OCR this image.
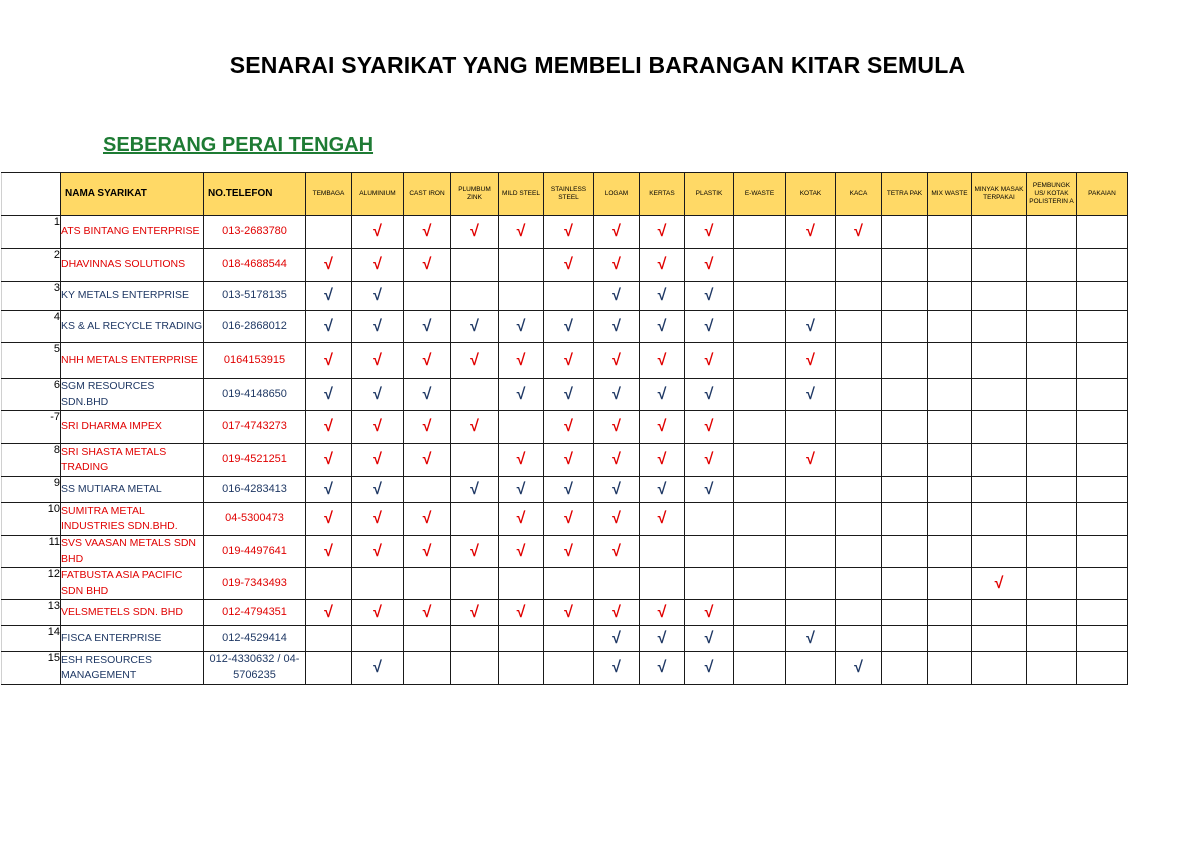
SENARAI SYARIKAT YANG MEMBELI BARANGAN KITAR SEMULA
SEBERANG PERAI TENGAH
	NAMA SYARIKAT	NO.TELEFON	TEMBAGA	ALUMINIUM	CAST IRON	PLUMBUM ZINK	MILD STEEL	STAINLESS STEEL	LOGAM	KERTAS	PLASTIK	E-WASTE	KOTAK	KACA	TETRA PAK	MIX WASTE	MINYAK MASAK TERPAKAI	PEMBUNGK US/ KOTAK POLISTERIN A	PAKAIAN
1	ATS BINTANG ENTERPRISE	013-2683780		√	√	√	√	√	√	√	√		√	√					
2	DHAVINNAS SOLUTIONS	018-4688544	√	√	√			√	√	√	√								
3	KY METALS ENTERPRISE	013-5178135	√	√					√	√	√								
4	KS & AL RECYCLE TRADING	016-2868012	√	√	√	√	√	√	√	√	√		√						
5	NHH METALS ENTERPRISE	0164153915	√	√	√	√	√	√	√	√	√		√						
6	SGM RESOURCES SDN.BHD	019-4148650	√	√	√		√	√	√	√	√		√						
-7	SRI DHARMA IMPEX	017-4743273	√	√	√	√		√	√	√	√								
8	SRI SHASTA METALS TRADING	019-4521251	√	√	√		√	√	√	√	√		√						
9	SS MUTIARA METAL	016-4283413	√	√		√	√	√	√	√	√								
10	SUMITRA METAL INDUSTRIES SDN.BHD.	04-5300473	√	√	√		√	√	√	√									
11	SVS VAASAN METALS SDN BHD	019-4497641	√	√	√	√	√	√	√										
12	FATBUSTA ASIA PACIFIC SDN BHD	019-7343493															√		
13	VELSMETELS SDN. BHD	012-4794351	√	√	√	√	√	√	√	√	√								
14	FISCA ENTERPRISE	012-4529414							√	√	√		√						
15	ESH RESOURCES MANAGEMENT	012-4330632 / 04-5706235		√					√	√	√			√					
